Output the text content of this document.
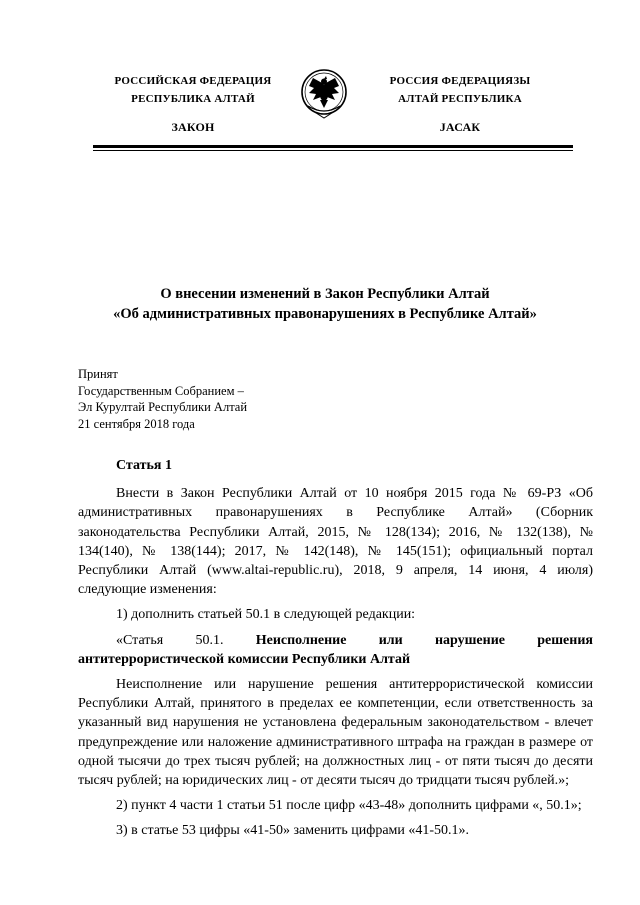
РОССИЙСКАЯ ФЕДЕРАЦИЯ
РЕСПУБЛИКА АЛТАЙ
ЗАКОН
РОССИЯ ФЕДЕРАЦИЯЗЫ
АЛТАЙ РЕСПУБЛИКА
ЈАСАК
О внесении изменений в Закон Республики Алтай
«Об административных правонарушениях в Республике Алтай»
Принят
Государственным Собранием –
Эл Курултай Республики Алтай
21 сентября 2018 года
Статья 1

Внести в Закон Республики Алтай от 10 ноября 2015 года № 69-РЗ «Об административных правонарушениях в Республике Алтай» (Сборник законодательства Республики Алтай, 2015, № 128(134); 2016, № 132(138), № 134(140), № 138(144); 2017, № 142(148), № 145(151); официальный портал Республики Алтай (www.altai-republic.ru), 2018, 9 апреля, 14 июня, 4 июля) следующие изменения:

1) дополнить статьей 50.1 в следующей редакции:

«Статья 50.1. Неисполнение или нарушение решения
антитеррористической комиссии Республики Алтай

Неисполнение или нарушение решения антитеррористической комиссии Республики Алтай, принятого в пределах ее компетенции, если ответственность за указанный вид нарушения не установлена федеральным законодательством - влечет предупреждение или наложение административного штрафа на граждан в размере от одной тысячи до трех тысяч рублей; на должностных лиц - от пяти тысяч до десяти тысяч рублей; на юридических лиц - от десяти тысяч до тридцати тысяч рублей.»;

2) пункт 4 части 1 статьи 51 после цифр «43-48» дополнить цифрами «, 50.1»;

3) в статье 53 цифры «41-50» заменить цифрами «41-50.1».
